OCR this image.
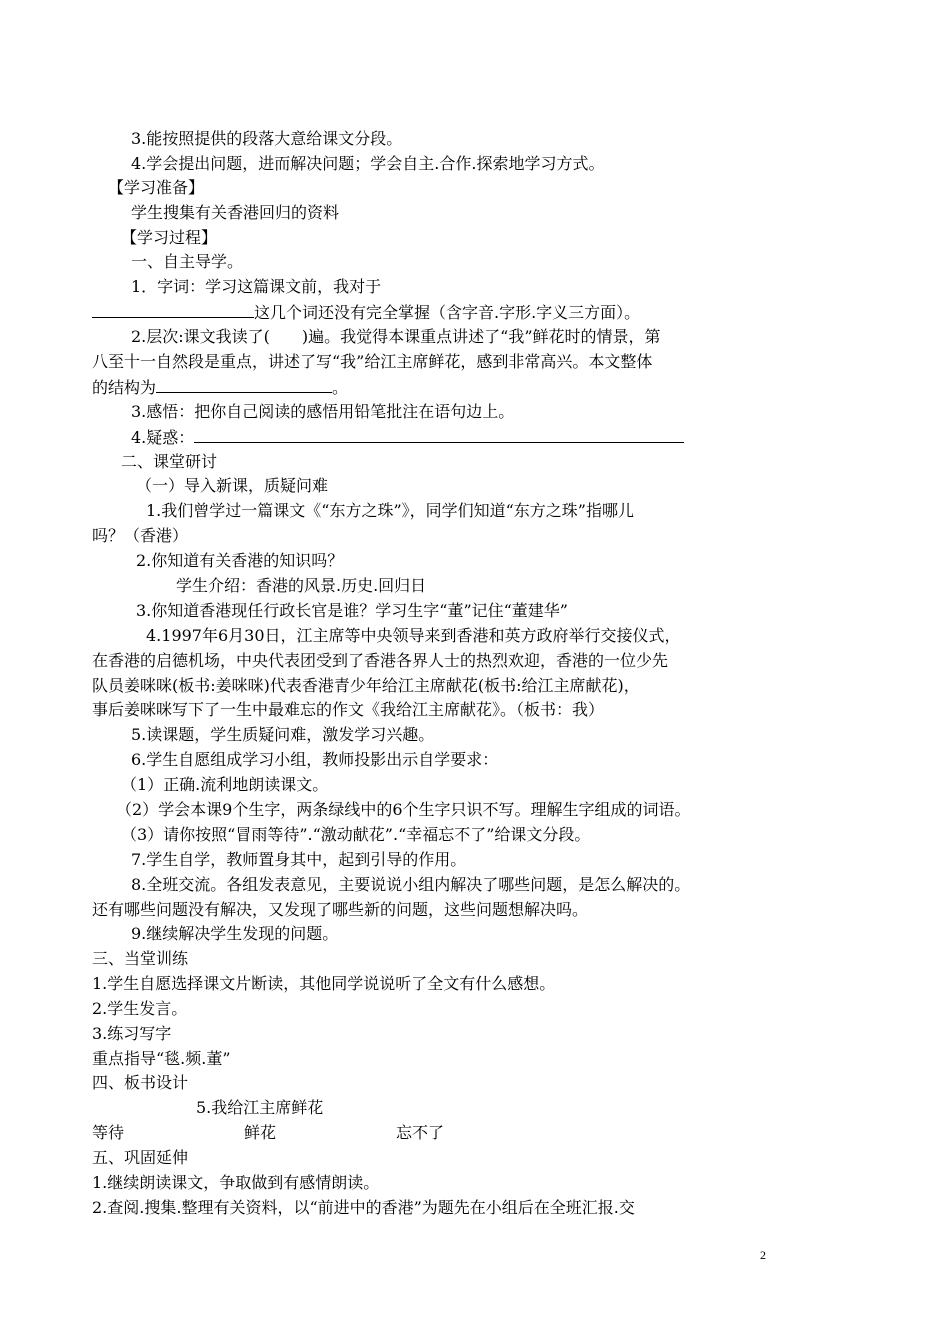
3.能按照提供的段落大意给课文分段。
4.学会提出问题，进而解决问题；学会自主.合作.探索地学习方式。
【学习准备】
学生搜集有关香港回归的资料
【学习过程】
一、自主导学。
1．字词：学习这篇课文前，我对于
这几个词还没有完全掌握（含字音.字形.字义三方面）。
2.层次:课文我读了(　　)遍。我觉得本课重点讲述了“我”鲜花时的情景，第
八至十一自然段是重点，讲述了写“我”给江主席鲜花，感到非常高兴。本文整体
的结构为	。
3.感悟：把你自己阅读的感悟用铅笔批注在语句边上。
4.疑惑：
二、课堂研讨
（一）导入新课，质疑问难
1.我们曾学过一篇课文《“东方之珠”》，同学们知道“东方之珠”指哪儿
吗？（香港）
2.你知道有关香港的知识吗？
学生介绍：香港的风景.历史.回归日
3.你知道香港现任行政长官是谁？学习生字“董”记住“董建华”
4.1997年6月30日，江主席等中央领导来到香港和英方政府举行交接仪式，
在香港的启德机场，中央代表团受到了香港各界人士的热烈欢迎，香港的一位少先
队员姜咪咪(板书:姜咪咪)代表香港青少年给江主席献花(板书:给江主席献花)，
事后姜咪咪写下了一生中最难忘的作文《我给江主席献花》。（板书：我）
5.读课题，学生质疑问难，激发学习兴趣。
6.学生自愿组成学习小组，教师投影出示自学要求：
（1）正确.流利地朗读课文。
（2）学会本课9个生字，两条绿线中的6个生字只识不写。理解生字组成的词语。
（3）请你按照“冒雨等待”.“激动献花”.“幸福忘不了”给课文分段。
7.学生自学，教师置身其中，起到引导的作用。
8.全班交流。各组发表意见，主要说说小组内解决了哪些问题，是怎么解决的。
还有哪些问题没有解决，又发现了哪些新的问题，这些问题想解决吗。
9.继续解决学生发现的问题。
三、当堂训练
1.学生自愿选择课文片断读，其他同学说说听了全文有什么感想。
2.学生发言。
3.练习写字
重点指导“毯.频.董”
四、板书设计
5.我给江主席鲜花
等待	鲜花	忘不了
五、巩固延伸
1.继续朗读课文，争取做到有感情朗读。
2.查阅.搜集.整理有关资料，以“前进中的香港”为题先在小组后在全班汇报.交
2
